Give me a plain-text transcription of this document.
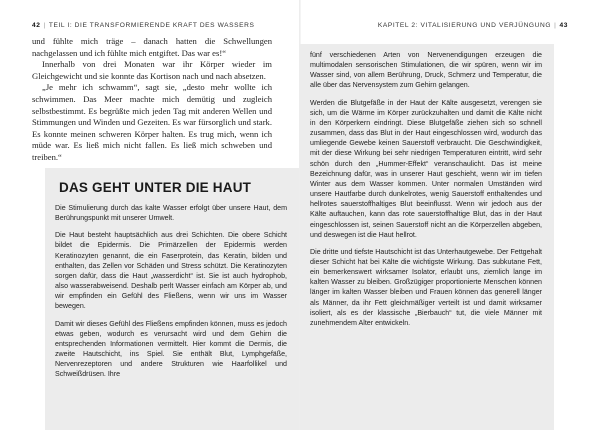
42 | TEIL I: DIE TRANSFORMIERENDE KRAFT DES WASSERS

und fühlte mich träge – danach hatten die Schwellungen nachgelassen und ich fühlte mich entgiftet. Das war es!“

Innerhalb von drei Monaten war ihr Körper wieder im Gleichgewicht und sie konnte das Kortison nach und nach absetzen.

„Je mehr ich schwamm“, sagt sie, „desto mehr wollte ich schwimmen. Das Meer machte mich demütig und zugleich selbstbestimmt. Es begrüßte mich jeden Tag mit anderen Wellen und Stimmungen und Winden und Gezeiten. Es war fürsorglich und stark. Es konnte meinen schweren Körper halten. Es trug mich, wenn ich müde war. Es ließ mich nicht fallen. Es ließ mich schweben und treiben.“

DAS GEHT UNTER DIE HAUT

Die Stimulierung durch das kalte Wasser erfolgt über unsere Haut, dem Berührungspunkt mit unserer Umwelt.

Die Haut besteht hauptsächlich aus drei Schichten. Die obere Schicht bildet die Epidermis. Die Primärzellen der Epidermis werden Keratinozyten genannt, die ein Faserprotein, das Keratin, bilden und enthalten, das Zellen vor Schäden und Stress schützt. Die Keratinozyten sorgen dafür, dass die Haut „wasserdicht“ ist. Sie ist auch hydrophob, also wasserabweisend. Deshalb perlt Wasser einfach am Körper ab, und wir empfinden ein Gefühl des Fließens, wenn wir uns im Wasser bewegen.

Damit wir dieses Gefühl des Fließens empfinden können, muss es jedoch etwas geben, wodurch es verursacht wird und dem Gehirn die entsprechenden Informationen vermittelt. Hier kommt die Dermis, die zweite Hautschicht, ins Spiel. Sie enthält Blut, Lymphgefäße, Nervenrezeptoren und andere Strukturen wie Haarfollikel und Schweißdrüsen. Ihre

KAPITEL 2: VITALISIERUNG UND VERJÜNGUNG | 43

fünf verschiedenen Arten von Nervenendigungen erzeugen die multimodalen sensorischen Stimulationen, die wir spüren, wenn wir im Wasser sind, von allem Berührung, Druck, Schmerz und Temperatur, die alle über das Nervensystem zum Gehirn gelangen.

Werden die Blutgefäße in der Haut der Kälte ausgesetzt, verengen sie sich, um die Wärme im Körper zurückzuhalten und damit die Kälte nicht in den Körperkern eindringt. Diese Blutgefäße ziehen sich so schnell zusammen, dass das Blut in der Haut eingeschlossen wird, wodurch das umliegende Gewebe keinen Sauerstoff verbraucht. Die Geschwindigkeit, mit der diese Wirkung bei sehr niedrigen Temperaturen eintritt, wird sehr schön durch den „Hummer-Effekt“ veranschaulicht. Das ist meine Bezeichnung dafür, was in unserer Haut geschieht, wenn wir im tiefen Winter aus dem Wasser kommen. Unter normalen Umständen wird unsere Hautfarbe durch dunkelrotes, wenig Sauerstoff enthaltendes und hellrotes sauerstoffhaltiges Blut beeinflusst. Wenn wir jedoch aus der Kälte auftauchen, kann das rote sauerstoffhaltige Blut, das in der Haut eingeschlossen ist, seinen Sauerstoff nicht an die Körperzellen abgeben, und deswegen ist die Haut hellrot.

Die dritte und tiefste Hautschicht ist das Unterhautgewebe. Der Fettgehalt dieser Schicht hat bei Kälte die wichtigste Wirkung. Das subkutane Fett, ein bemerkenswert wirksamer Isolator, erlaubt uns, ziemlich lange im kalten Wasser zu bleiben. Großzügiger proportionierte Menschen können länger im kalten Wasser bleiben und Frauen können das generell länger als Männer, da ihr Fett gleichmäßiger verteilt ist und damit wirksamer isoliert, als es der klassische „Bierbauch“ tut, die viele Männer mit zunehmendem Alter entwickeln.
